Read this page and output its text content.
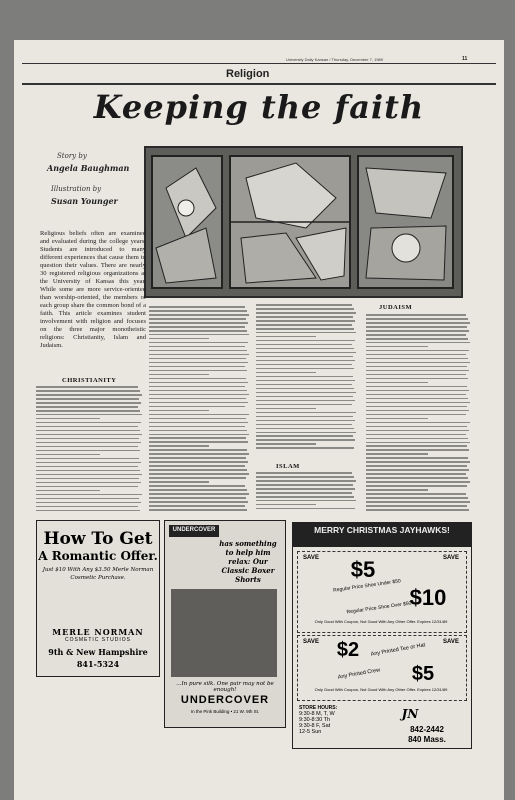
University Daily Kansan / Thursday, December 7, 1989	11
Religion
Keeping the faith
Story by
Angela Baughman
Illustration by
Susan Younger
Religious beliefs often are examined and evaluated during the college years. Students are introduced to many different experiences that cause them to question their values. There are nearly 30 registered religious organizations at the University of Kansas this year. While some are more service-oriented than worship-oriented, the members of each group share the common bond of a faith. This article examines student involvement with religion and focuses on the three major monotheistic religions: Christianity, Islam and Judaism.
CHRISTIANITY
ISLAM
JUDAISM
How To Get
A Romantic Offer.
Just $10 With Any $3.50 Merle Norman
Cosmetic Purchase.
MERLE NORMAN
COSMETIC STUDIOS
9th & New Hampshire
841-5324
UNDERCOVER
has something to help him relax: Our Classic Boxer Shorts
...In pure silk. One pair may not be enough!
UNDERCOVER
In the Pink Building • 21 W. 9th St.
MERRY CHRISTMAS JAYHAWKS!
SAVE	SAVE
$5
Regular Price Shoe Under $50 $10
Regular Price Shoe Over $50
Only Good With Coupon, Not Good With Any Other Offer. Expires 12/31/89
SAVE	SAVE
$2	Any Printed Tee or Hat
$5
Any Printed Crew
Only Good With Coupon, Not Good With Any Other Offer. Expires 12/31/89
STORE HOURS:
9:30-8 M, T, W
9:30-8:30 Th
9:30-8 F, Sat
12-5 Sun
JN
842-2442
840 Mass.
